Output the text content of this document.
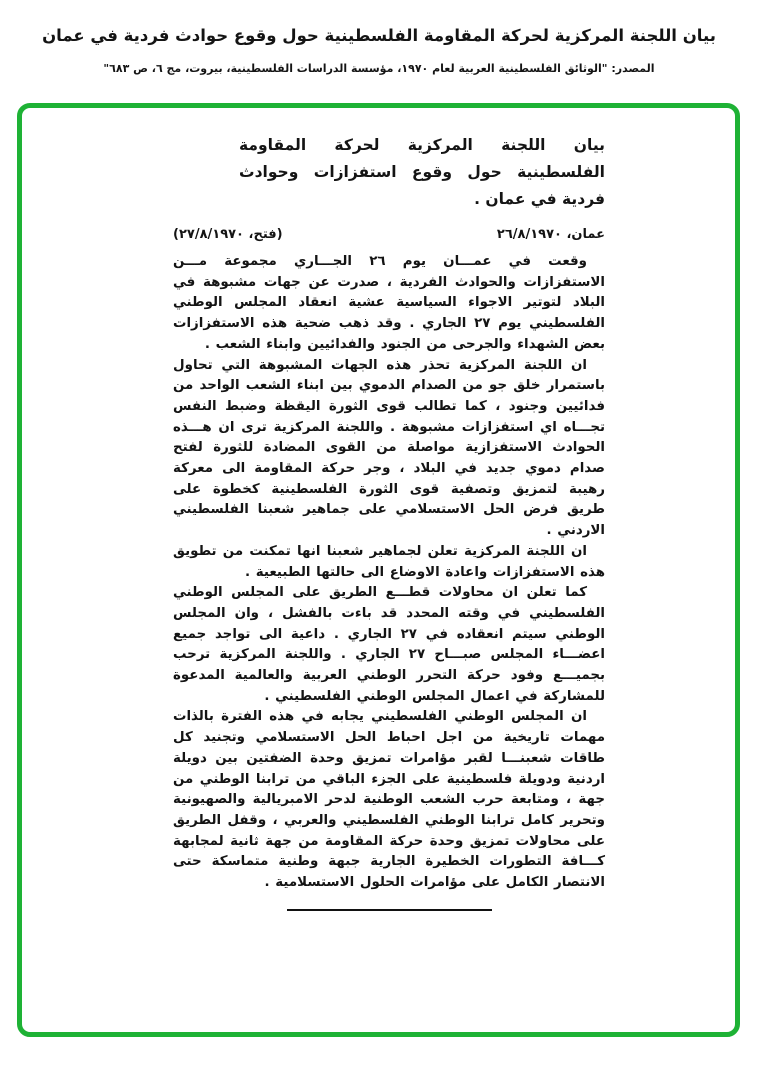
بيان اللجنة المركزية لحركة المقاومة الفلسطينية حول وقوع حوادث فردية في عمان
المصدر: "الوثائق الفلسطينية العربية لعام ١٩٧٠، مؤسسة الدراسات الفلسطينية، بيروت، مج ٦، ص ٦٨٣"
بيان اللجنة المركزية لحركة المقاومة الفلسطينية حول وقوع استفزازات وحوادث فردية في عمان .
عمان، ٢٦/٨/١٩٧٠
(فتح، ٢٧/٨/١٩٧٠)

وقعت في عمـــان يوم ٢٦ الجـــاري مجموعة مـــن الاستفزازات والحوادث الفردية ، صدرت عن جهات مشبوهة في البلاد لتوتير الاجواء السياسية عشية انعقاد المجلس الوطني الفلسطيني يوم ٢٧ الجاري . وقد ذهب ضحية هذه الاستفزازات بعض الشهداء والجرحى من الجنود والفدائيين وابناء الشعب .

ان اللجنة المركزية تحذر هذه الجهات المشبوهة التي تحاول باستمرار خلق جو من الصدام الدموي بين ابناء الشعب الواحد من فدائيين وجنود ، كما تطالب قوى الثورة اليقظة وضبط النفس تجـــاه اي استفزازات مشبوهة . واللجنة المركزية ترى ان هـــذه الحوادث الاستفزازية مواصلة من القوى المضادة للثورة لفتح صدام دموي جديد في البلاد ، وجر حركة المقاومة الى معركة رهيبة لتمزيق وتصفية قوى الثورة الفلسطينية كخطوة على طريق فرض الحل الاستسلامي على جماهير شعبنا الفلسطيني الاردني .

ان اللجنة المركزية تعلن لجماهير شعبنا انها تمكنت من تطويق هذه الاستفزازات واعادة الاوضاع الى حالتها الطبيعية .

كما تعلن ان محاولات قطـــع الطريق على المجلس الوطني الفلسطيني في وقته المحدد قد باءت بالفشل ، وان المجلس الوطني سيتم انعقاده في ٢٧ الجاري . داعية الى تواجد جميع اعضـــاء المجلس صبـــاح ٢٧ الجاري . واللجنة المركزية ترحب بجميـــع وفود حركة التحرر الوطني العربية والعالمية المدعوة للمشاركة في اعمال المجلس الوطني الفلسطيني .

ان المجلس الوطني الفلسطيني يجابه في هذه الفترة بالذات مهمات تاريخية من اجل احباط الحل الاستسلامي وتجنيد كل طاقات شعبنـــا لقبر مؤامرات تمزيق وحدة الضفتين بين دويلة اردنية ودويلة فلسطينية على الجزء الباقي من ترابنا الوطني من جهة ، ومتابعة حرب الشعب الوطنية لدحر الامبريالية والصهيونية وتحرير كامل ترابنا الوطني الفلسطيني والعربي ، وقفل الطريق على محاولات تمزيق وحدة حركة المقاومة من جهة ثانية لمجابهة كـــافة التطورات الخطيرة الجارية جبهة وطنية متماسكة حتى الانتصار الكامل على مؤامرات الحلول الاستسلامية .
